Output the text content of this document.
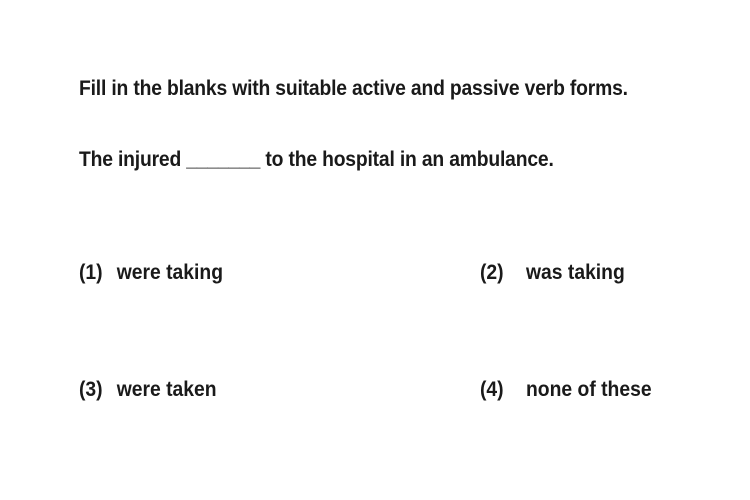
Fill in the blanks with suitable active and passive verb forms.
The injured _______ to the hospital in an ambulance.
(1) were taking	(2)	was taking
(3) were taken	(4)	none of these
